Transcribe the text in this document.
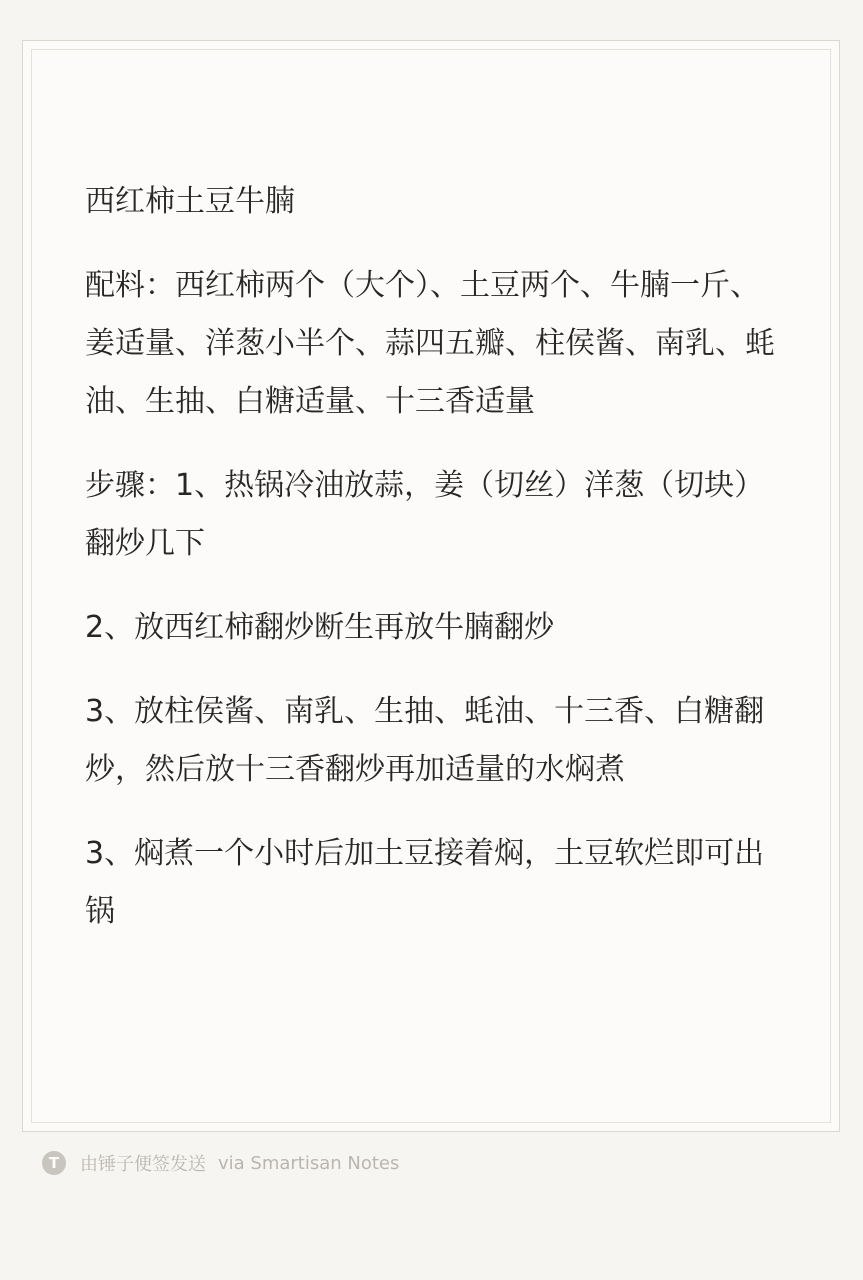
西红柿土豆牛腩

配料：西红柿两个（大个）、土豆两个、牛腩一斤、姜适量、洋葱小半个、蒜四五瓣、柱侯酱、南乳、蚝油、生抽、白糖适量、十三香适量

步骤：1、热锅冷油放蒜，姜（切丝）洋葱（切块）翻炒几下

2、放西红柿翻炒断生再放牛腩翻炒

3、放柱侯酱、南乳、生抽、蚝油、十三香、白糖翻炒，然后放十三香翻炒再加适量的水焖煮

3、焖煮一个小时后加土豆接着焖，土豆软烂即可出锅

T	由锤子便签发送 via Smartisan Notes
